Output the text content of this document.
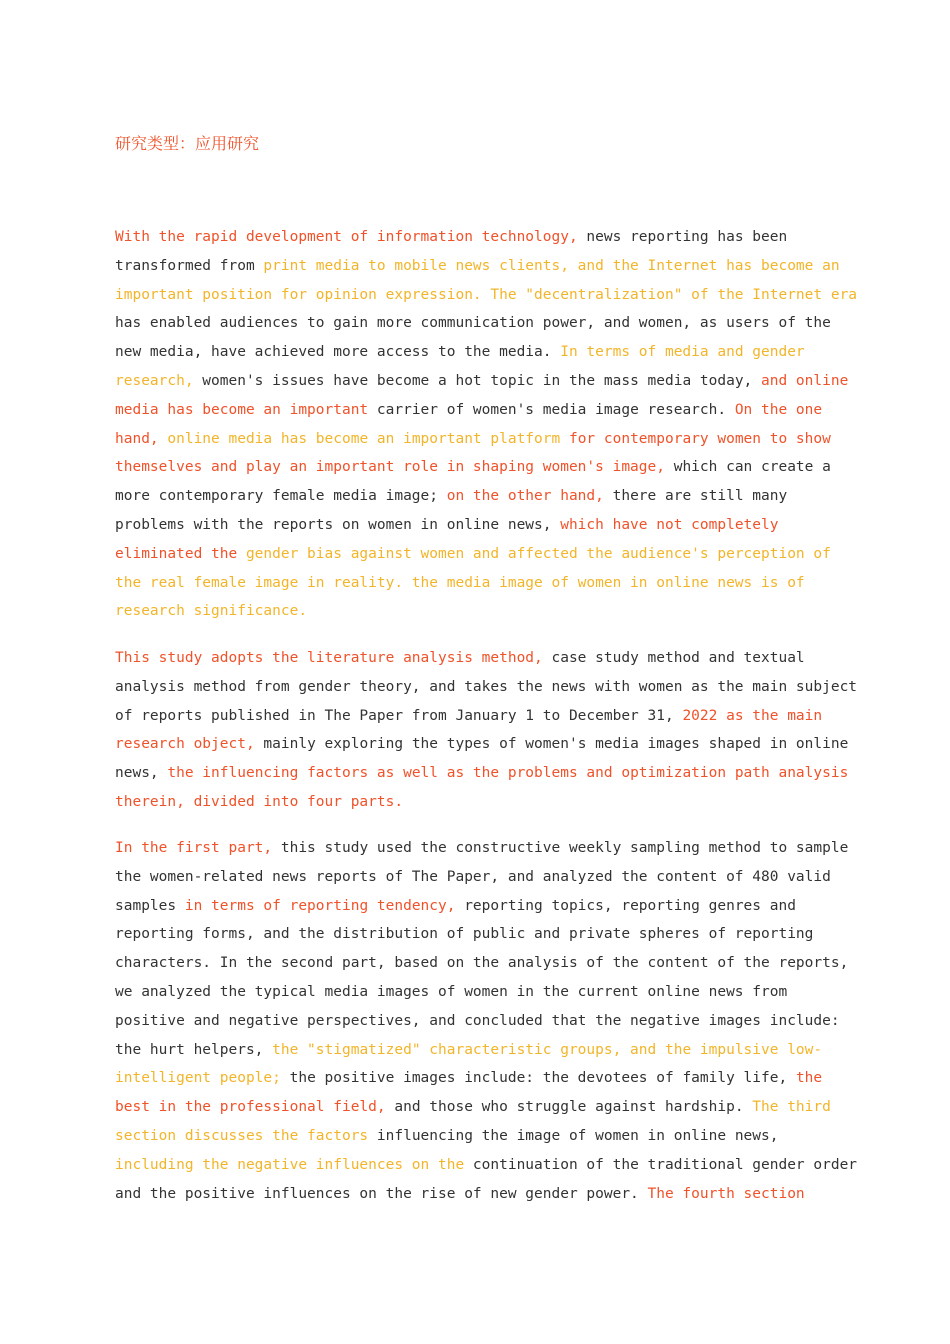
研究类型：应用研究
With the rapid development of information technology, news reporting has been
transformed from print media to mobile news clients, and the Internet has become an
important position for opinion expression. The "decentralization" of the Internet era
has enabled audiences to gain more communication power, and women, as users of the
new media, have achieved more access to the media. In terms of media and gender
research, women's issues have become a hot topic in the mass media today, and online
media has become an important carrier of women's media image research. On the one
hand, online media has become an important platform for contemporary women to show
themselves and play an important role in shaping women's image, which can create a
more contemporary female media image; on the other hand, there are still many
problems with the reports on women in online news, which have not completely
eliminated the gender bias against women and affected the audience's perception of
the real female image in reality. the media image of women in online news is of
research significance.
This study adopts the literature analysis method, case study method and textual
analysis method from gender theory, and takes the news with women as the main subject
of reports published in The Paper from January 1 to December 31, 2022 as the main
research object, mainly exploring the types of women's media images shaped in online
news, the influencing factors as well as the problems and optimization path analysis
therein, divided into four parts.
In the first part, this study used the constructive weekly sampling method to sample
the women-related news reports of The Paper, and analyzed the content of 480 valid
samples in terms of reporting tendency, reporting topics, reporting genres and
reporting forms, and the distribution of public and private spheres of reporting
characters. In the second part, based on the analysis of the content of the reports,
we analyzed the typical media images of women in the current online news from
positive and negative perspectives, and concluded that the negative images include:
the hurt helpers, the "stigmatized" characteristic groups, and the impulsive low-
intelligent people; the positive images include: the devotees of family life, the
best in the professional field, and those who struggle against hardship. The third
section discusses the factors influencing the image of women in online news,
including the negative influences on the continuation of the traditional gender order
and the positive influences on the rise of new gender power. The fourth section
